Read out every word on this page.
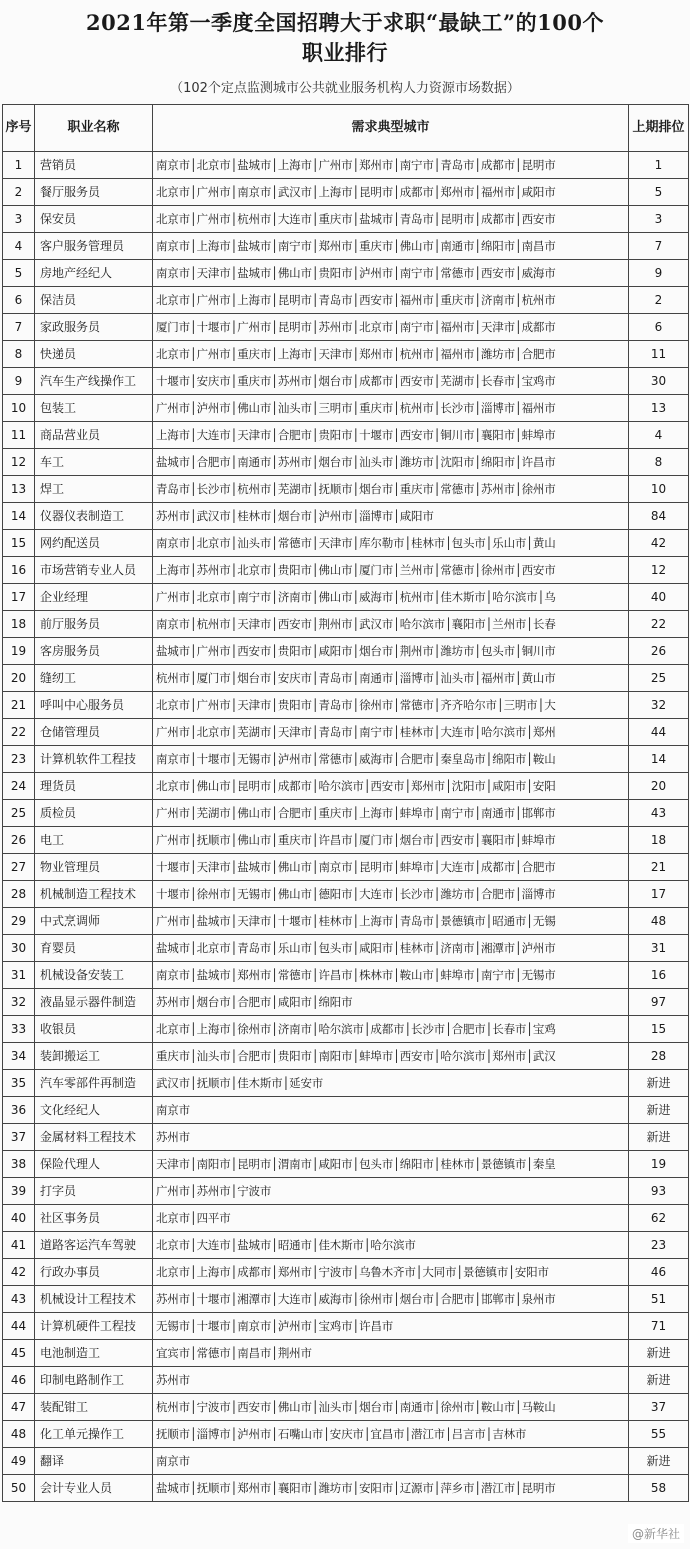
2021年第一季度全国招聘大于求职“最缺工”的100个
职业排行
（102个定点监测城市公共就业服务机构人力资源市场数据）
序号	职业名称	需求典型城市	上期排位
1	营销员	南京市│北京市│盐城市│上海市│广州市│郑州市│南宁市│青岛市│成都市│昆明市	1
2	餐厅服务员	北京市│广州市│南京市│武汉市│上海市│昆明市│成都市│郑州市│福州市│咸阳市	5
3	保安员	北京市│广州市│杭州市│大连市│重庆市│盐城市│青岛市│昆明市│成都市│西安市	3
4	客户服务管理员	南京市│上海市│盐城市│南宁市│郑州市│重庆市│佛山市│南通市│绵阳市│南昌市	7
5	房地产经纪人	南京市│天津市│盐城市│佛山市│贵阳市│泸州市│南宁市│常德市│西安市│威海市	9
6	保洁员	北京市│广州市│上海市│昆明市│青岛市│西安市│福州市│重庆市│济南市│杭州市	2
7	家政服务员	厦门市│十堰市│广州市│昆明市│苏州市│北京市│南宁市│福州市│天津市│成都市	6
8	快递员	北京市│广州市│重庆市│上海市│天津市│郑州市│杭州市│福州市│潍坊市│合肥市	11
9	汽车生产线操作工	十堰市│安庆市│重庆市│苏州市│烟台市│成都市│西安市│芜湖市│长春市│宝鸡市	30
10	包装工	广州市│泸州市│佛山市│汕头市│三明市│重庆市│杭州市│长沙市│淄博市│福州市	13
11	商品营业员	上海市│大连市│天津市│合肥市│贵阳市│十堰市│西安市│铜川市│襄阳市│蚌埠市	4
12	车工	盐城市│合肥市│南通市│苏州市│烟台市│汕头市│潍坊市│沈阳市│绵阳市│许昌市	8
13	焊工	青岛市│长沙市│杭州市│芜湖市│抚顺市│烟台市│重庆市│常德市│苏州市│徐州市	10
14	仪器仪表制造工	苏州市│武汉市│桂林市│烟台市│泸州市│淄博市│咸阳市	84
15	网约配送员	南京市│北京市│汕头市│常德市│天津市│库尔勒市│桂林市│包头市│乐山市│黄山	42
16	市场营销专业人员	上海市│苏州市│北京市│贵阳市│佛山市│厦门市│兰州市│常德市│徐州市│西安市	12
17	企业经理	广州市│北京市│南宁市│济南市│佛山市│威海市│杭州市│佳木斯市│哈尔滨市│乌	40
18	前厅服务员	南京市│杭州市│天津市│西安市│荆州市│武汉市│哈尔滨市│襄阳市│兰州市│长春	22
19	客房服务员	盐城市│广州市│西安市│贵阳市│咸阳市│烟台市│荆州市│潍坊市│包头市│铜川市	26
20	缝纫工	杭州市│厦门市│烟台市│安庆市│青岛市│南通市│淄博市│汕头市│福州市│黄山市	25
21	呼叫中心服务员	北京市│广州市│天津市│贵阳市│青岛市│徐州市│常德市│齐齐哈尔市│三明市│大	32
22	仓储管理员	广州市│北京市│芜湖市│天津市│青岛市│南宁市│桂林市│大连市│哈尔滨市│郑州	44
23	计算机软件工程技	南京市│十堰市│无锡市│泸州市│常德市│威海市│合肥市│秦皇岛市│绵阳市│鞍山	14
24	理货员	北京市│佛山市│昆明市│成都市│哈尔滨市│西安市│郑州市│沈阳市│咸阳市│安阳	20
25	质检员	广州市│芜湖市│佛山市│合肥市│重庆市│上海市│蚌埠市│南宁市│南通市│邯郸市	43
26	电工	广州市│抚顺市│佛山市│重庆市│许昌市│厦门市│烟台市│西安市│襄阳市│蚌埠市	18
27	物业管理员	十堰市│天津市│盐城市│佛山市│南京市│昆明市│蚌埠市│大连市│成都市│合肥市	21
28	机械制造工程技术	十堰市│徐州市│无锡市│佛山市│德阳市│大连市│长沙市│潍坊市│合肥市│淄博市	17
29	中式烹调师	广州市│盐城市│天津市│十堰市│桂林市│上海市│青岛市│景德镇市│昭通市│无锡	48
30	育婴员	盐城市│北京市│青岛市│乐山市│包头市│咸阳市│桂林市│济南市│湘潭市│泸州市	31
31	机械设备安装工	南京市│盐城市│郑州市│常德市│许昌市│株林市│鞍山市│蚌埠市│南宁市│无锡市	16
32	液晶显示器件制造	苏州市│烟台市│合肥市│咸阳市│绵阳市	97
33	收银员	北京市│上海市│徐州市│济南市│哈尔滨市│成都市│长沙市│合肥市│长春市│宝鸡	15
34	装卸搬运工	重庆市│汕头市│合肥市│贵阳市│南阳市│蚌埠市│西安市│哈尔滨市│郑州市│武汉	28
35	汽车零部件再制造	武汉市│抚顺市│佳木斯市│延安市	新进
36	文化经纪人	南京市	新进
37	金属材料工程技术	苏州市	新进
38	保险代理人	天津市│南阳市│昆明市│渭南市│咸阳市│包头市│绵阳市│桂林市│景德镇市│秦皇	19
39	打字员	广州市│苏州市│宁波市	93
40	社区事务员	北京市│四平市	62
41	道路客运汽车驾驶	北京市│大连市│盐城市│昭通市│佳木斯市│哈尔滨市	23
42	行政办事员	北京市│上海市│成都市│郑州市│宁波市│乌鲁木齐市│大同市│景德镇市│安阳市	46
43	机械设计工程技术	苏州市│十堰市│湘潭市│大连市│威海市│徐州市│烟台市│合肥市│邯郸市│泉州市	51
44	计算机硬件工程技	无锡市│十堰市│南京市│泸州市│宝鸡市│许昌市	71
45	电池制造工	宜宾市│常德市│南昌市│荆州市	新进
46	印制电路制作工	苏州市	新进
47	装配钳工	杭州市│宁波市│西安市│佛山市│汕头市│烟台市│南通市│徐州市│鞍山市│马鞍山	37
48	化工单元操作工	抚顺市│淄博市│泸州市│石嘴山市│安庆市│宜昌市│潜江市│吕言市│吉林市	55
49	翻译	南京市	新进
50	会计专业人员	盐城市│抚顺市│郑州市│襄阳市│潍坊市│安阳市│辽源市│萍乡市│潜江市│昆明市	58
@新华社
